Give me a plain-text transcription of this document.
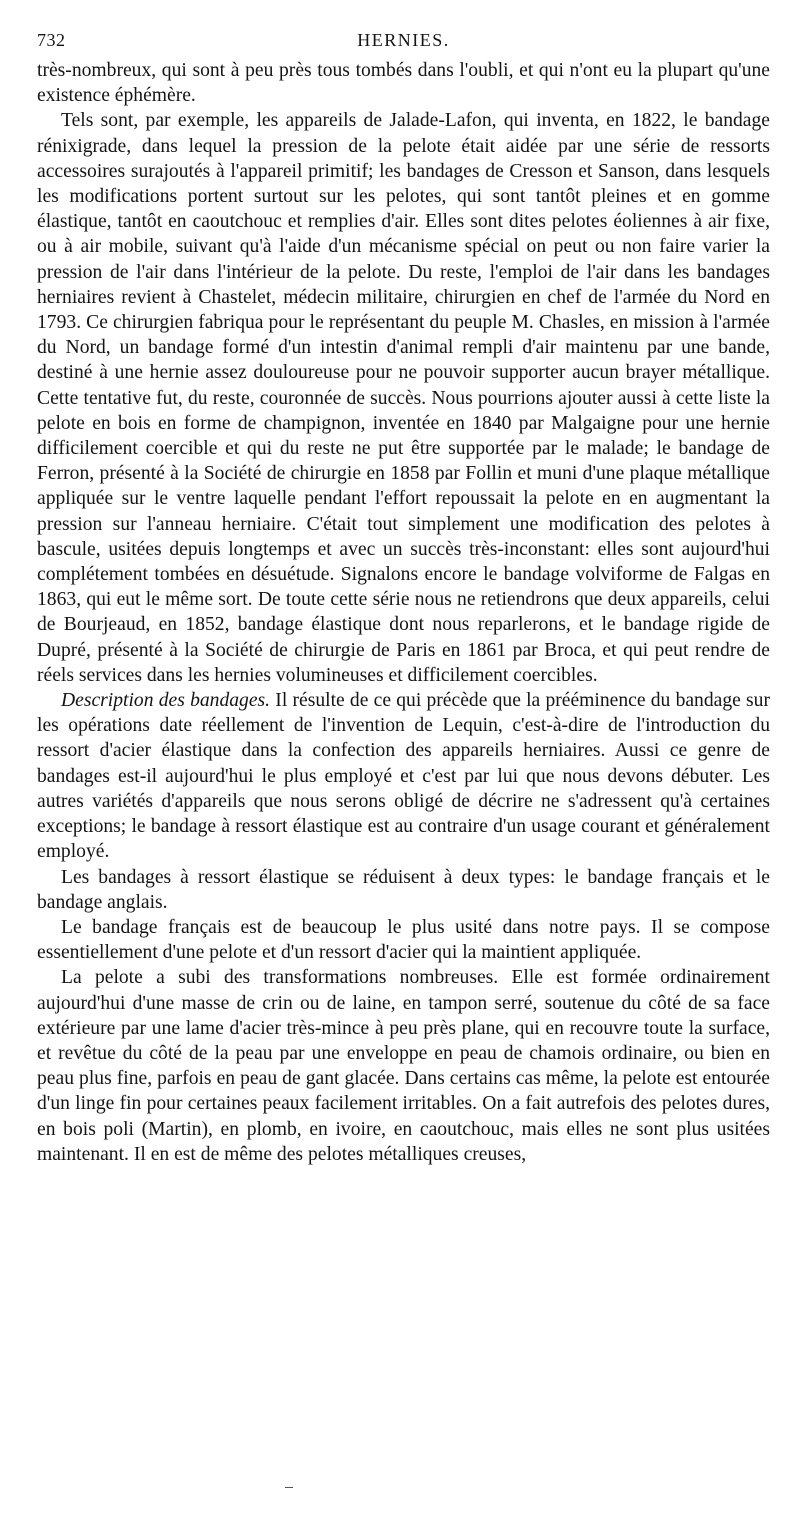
732	HERNIES.

très-nombreux, qui sont à peu près tous tombés dans l'oubli, et qui n'ont eu la plupart qu'une existence éphémère.

Tels sont, par exemple, les appareils de Jalade-Lafon, qui inventa, en 1822, le bandage rénixigrade, dans lequel la pression de la pelote était aidée par une série de ressorts accessoires surajoutés à l'appareil primitif; les bandages de Cresson et Sanson, dans lesquels les modifications portent surtout sur les pelotes, qui sont tantôt pleines et en gomme élastique, tantôt en caoutchouc et remplies d'air. Elles sont dites pelotes éoliennes à air fixe, ou à air mobile, suivant qu'à l'aide d'un mécanisme spécial on peut ou non faire varier la pression de l'air dans l'intérieur de la pelote. Du reste, l'emploi de l'air dans les bandages herniaires revient à Chastelet, médecin militaire, chirurgien en chef de l'armée du Nord en 1793. Ce chirurgien fabriqua pour le représentant du peuple M. Chasles, en mission à l'armée du Nord, un bandage formé d'un intestin d'animal rempli d'air maintenu par une bande, destiné à une hernie assez douloureuse pour ne pouvoir supporter aucun brayer métallique. Cette tentative fut, du reste, couronnée de succès. Nous pourrions ajouter aussi à cette liste la pelote en bois en forme de champignon, inventée en 1840 par Malgaigne pour une hernie difficilement coercible et qui du reste ne put être supportée par le malade; le bandage de Ferron, présenté à la Société de chirurgie en 1858 par Follin et muni d'une plaque métallique appliquée sur le ventre laquelle pendant l'effort repoussait la pelote en en augmentant la pression sur l'anneau herniaire. C'était tout simplement une modification des pelotes à bascule, usitées depuis longtemps et avec un succès très-inconstant: elles sont aujourd'hui complétement tombées en désuétude. Signalons encore le bandage volviforme de Falgas en 1863, qui eut le même sort. De toute cette série nous ne retiendrons que deux appareils, celui de Bourjeaud, en 1852, bandage élastique dont nous reparlerons, et le bandage rigide de Dupré, présenté à la Société de chirurgie de Paris en 1861 par Broca, et qui peut rendre de réels services dans les hernies volumineuses et difficilement coercibles.

Description des bandages. Il résulte de ce qui précède que la prééminence du bandage sur les opérations date réellement de l'invention de Lequin, c'est-à-dire de l'introduction du ressort d'acier élastique dans la confection des appareils herniaires. Aussi ce genre de bandages est-il aujourd'hui le plus employé et c'est par lui que nous devons débuter. Les autres variétés d'appareils que nous serons obligé de décrire ne s'adressent qu'à certaines exceptions; le bandage à ressort élastique est au contraire d'un usage courant et généralement employé.

Les bandages à ressort élastique se réduisent à deux types: le bandage français et le bandage anglais.

Le bandage français est de beaucoup le plus usité dans notre pays. Il se compose essentiellement d'une pelote et d'un ressort d'acier qui la maintient appliquée.

La pelote a subi des transformations nombreuses. Elle est formée ordinairement aujourd'hui d'une masse de crin ou de laine, en tampon serré, soutenue du côté de sa face extérieure par une lame d'acier très-mince à peu près plane, qui en recouvre toute la surface, et revêtue du côté de la peau par une enveloppe en peau de chamois ordinaire, ou bien en peau plus fine, parfois en peau de gant glacée. Dans certains cas même, la pelote est entourée d'un linge fin pour certaines peaux facilement irritables. On a fait autrefois des pelotes dures, en bois poli (Martin), en plomb, en ivoire, en caoutchouc, mais elles ne sont plus usitées maintenant. Il en est de même des pelotes métalliques creuses,
